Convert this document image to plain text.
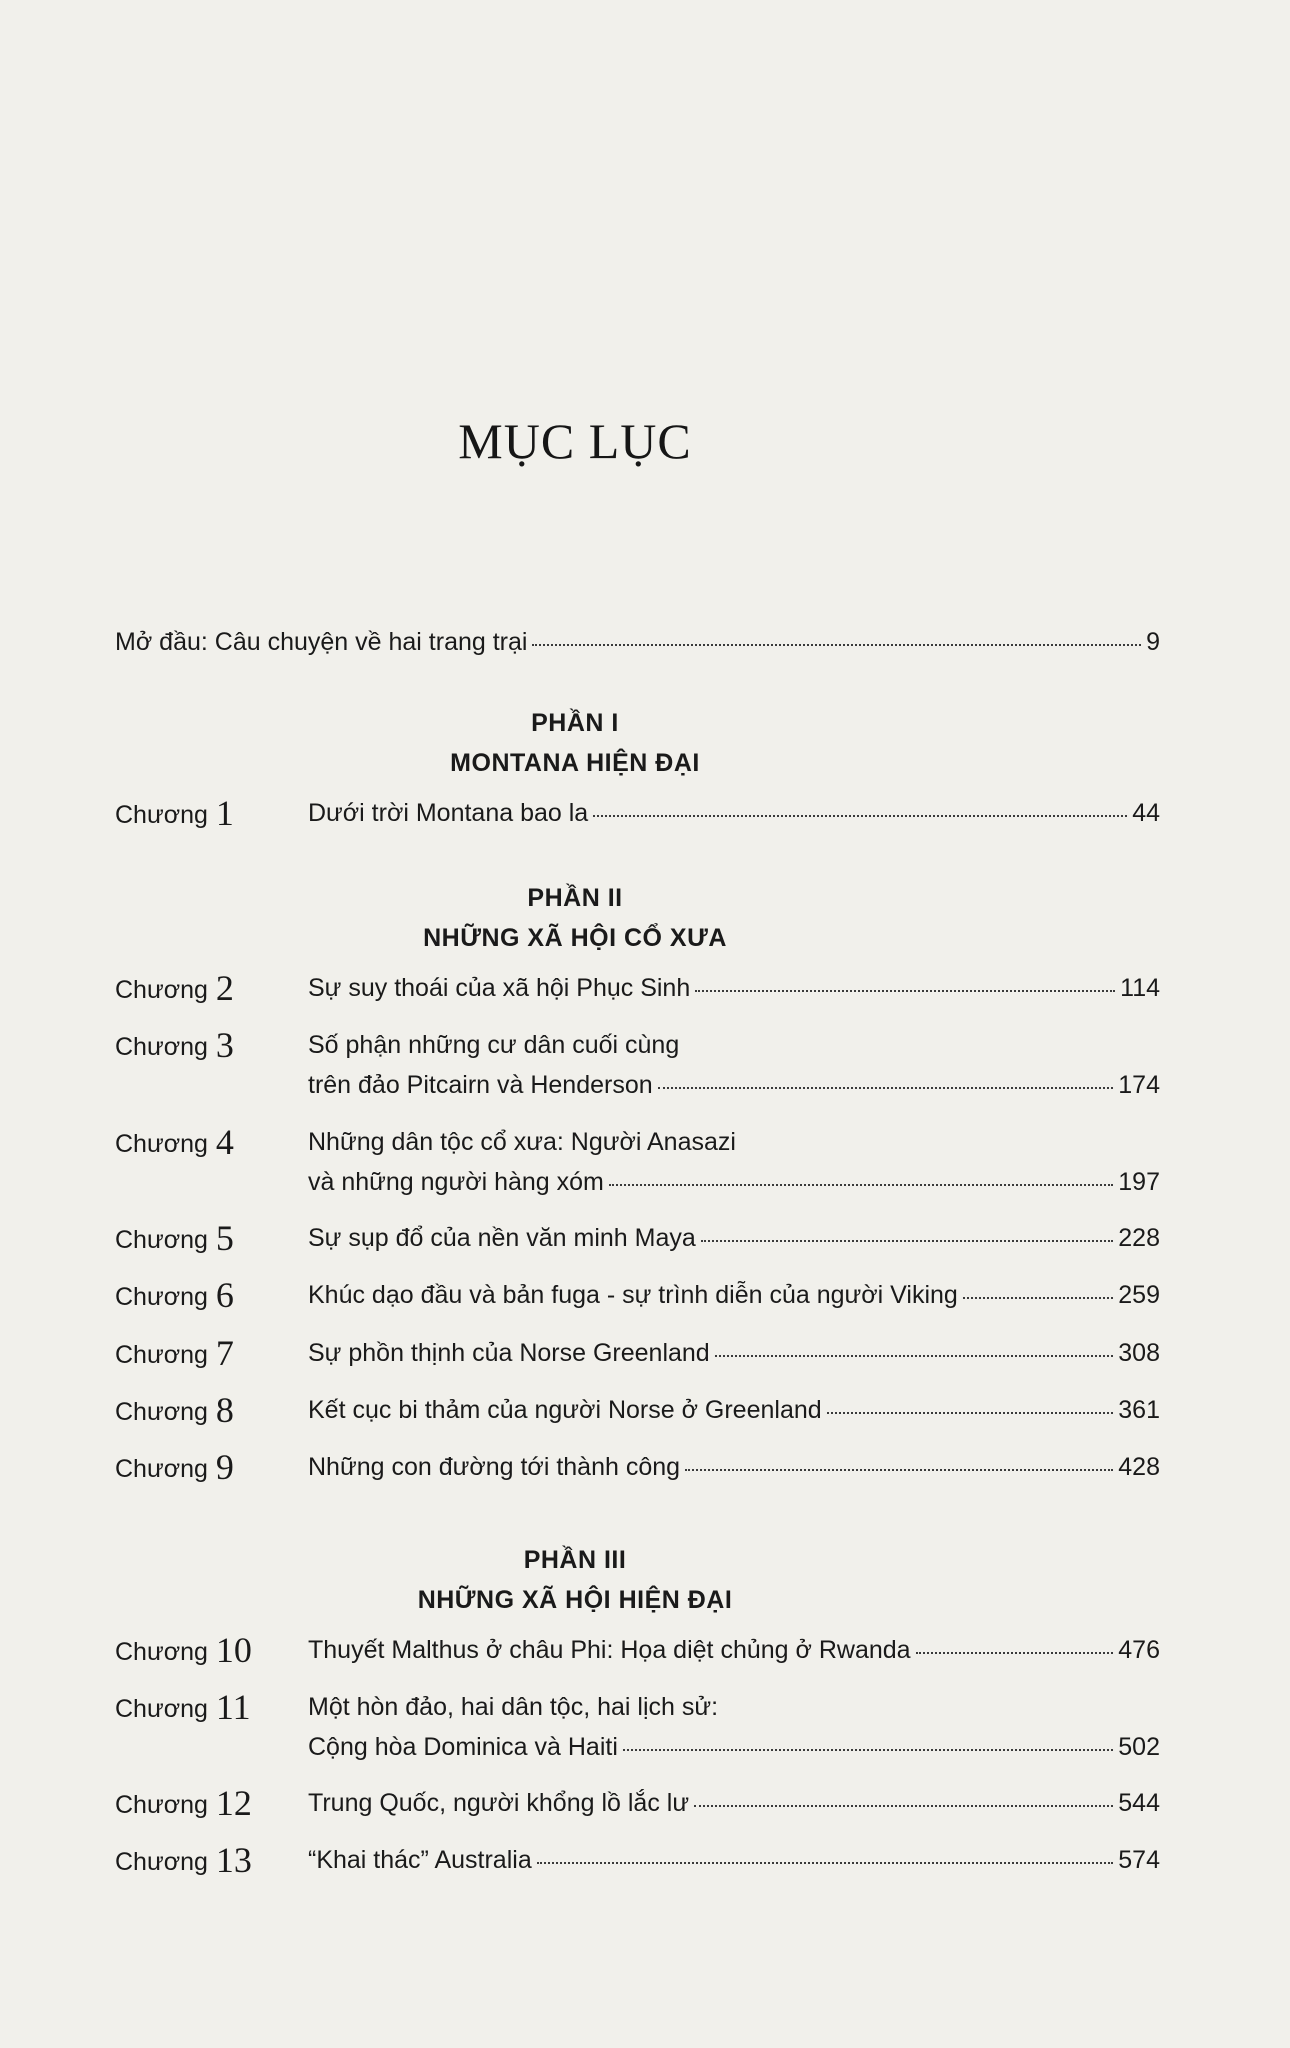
MỤC LỤC
Mở đầu: Câu chuyện về hai trang trại	9
PHẦN I
MONTANA HIỆN ĐẠI
PHẦN II
NHỮNG XÃ HỘI CỔ XƯA
PHẦN III
NHỮNG XÃ HỘI HIỆN ĐẠI
Chương 1	Dưới trời Montana bao la	44
Chương 2	Sự suy thoái của xã hội Phục Sinh	114
Chương 3	Số phận những cư dân cuối cùng
trên đảo Pitcairn và Henderson	174
Chương 4	Những dân tộc cổ xưa: Người Anasazi
và những người hàng xóm	197
Chương 5	Sự sụp đổ của nền văn minh Maya	228
Chương 6	Khúc dạo đầu và bản fuga - sự trình diễn của người Viking	259
Chương 7	Sự phồn thịnh của Norse Greenland	308
Chương 8	Kết cục bi thảm của người Norse ở Greenland	361
Chương 9	Những con đường tới thành công	428
Chương 10 Thuyết Malthus ở châu Phi: Họa diệt chủng ở Rwanda	476
Chương 11 Một hòn đảo, hai dân tộc, hai lịch sử:
Cộng hòa Dominica và Haiti	502
Chương 12 Trung Quốc, người khổng lồ lắc lư	544
Chương 13 “Khai thác” Australia	574
